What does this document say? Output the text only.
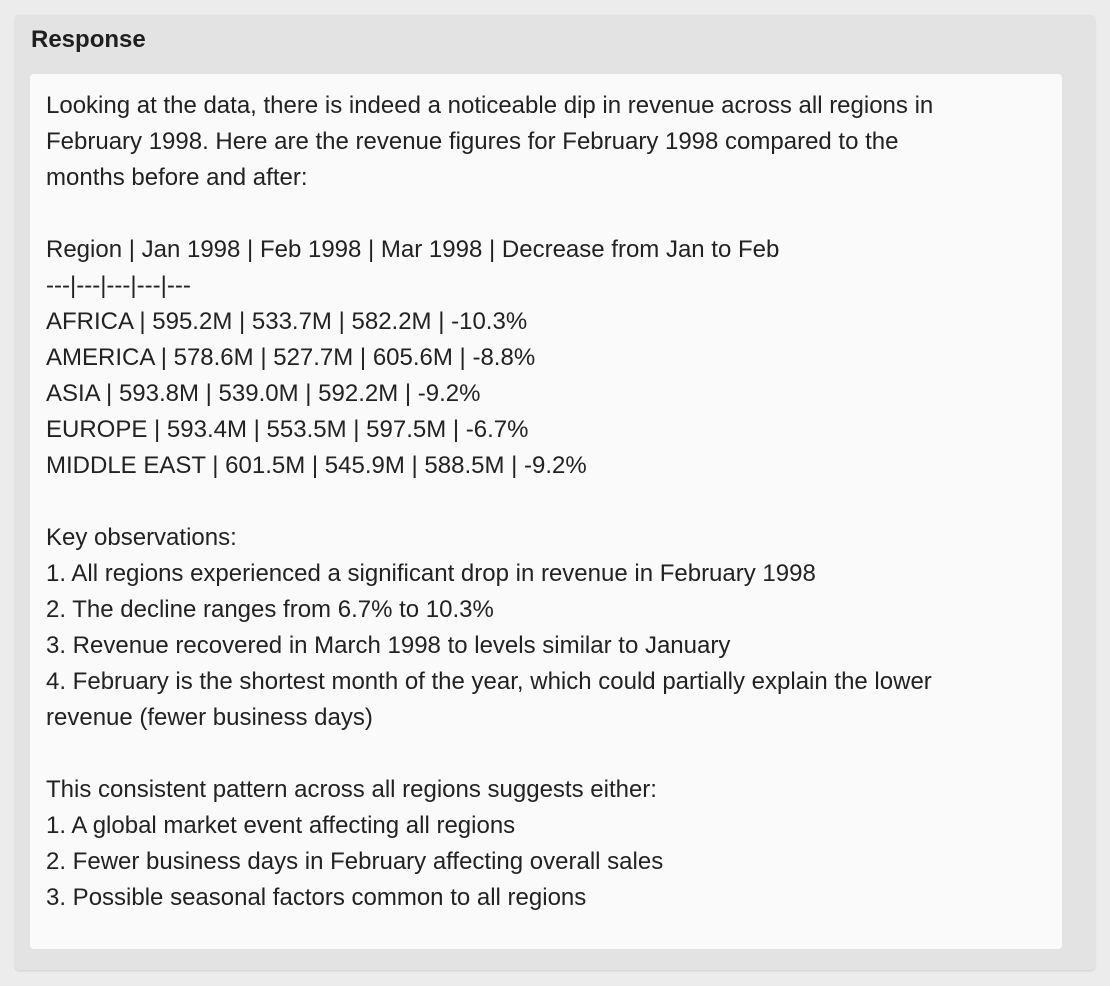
Response
Looking at the data, there is indeed a noticeable dip in revenue across all regions in
February 1998. Here are the revenue figures for February 1998 compared to the
months before and after:
Region | Jan 1998 | Feb 1998 | Mar 1998 | Decrease from Jan to Feb
---|---|---|---|---
AFRICA | 595.2M | 533.7M | 582.2M | -10.3%
AMERICA | 578.6M | 527.7M | 605.6M | -8.8%
ASIA | 593.8M | 539.0M | 592.2M | -9.2%
EUROPE | 593.4M | 553.5M | 597.5M | -6.7%
MIDDLE EAST | 601.5M | 545.9M | 588.5M | -9.2%
Key observations:
1. All regions experienced a significant drop in revenue in February 1998
2. The decline ranges from 6.7% to 10.3%
3. Revenue recovered in March 1998 to levels similar to January
4. February is the shortest month of the year, which could partially explain the lower
revenue (fewer business days)
This consistent pattern across all regions suggests either:
1. A global market event affecting all regions
2. Fewer business days in February affecting overall sales
3. Possible seasonal factors common to all regions
